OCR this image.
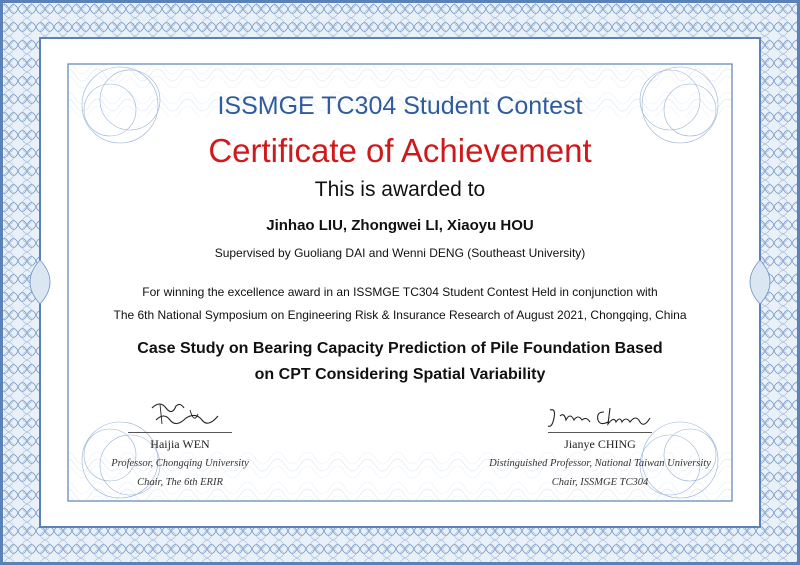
ISSMGE TC304 Student Contest
Certificate of Achievement
This is awarded to
Jinhao LIU, Zhongwei LI, Xiaoyu HOU
Supervised by Guoliang DAI and Wenni DENG (Southeast University)
For winning the excellence award in an ISSMGE TC304 Student Contest Held in conjunction with
The 6th National Symposium on Engineering Risk & Insurance Research of August 2021, Chongqing, China
Case Study on Bearing Capacity Prediction of Pile Foundation Based
on CPT Considering Spatial Variability
Haijia WEN
Professor, Chongqing University
Chair, The 6th ERIR
Jianye CHING
Distinguished Professor, National Taiwan University
Chair, ISSMGE TC304
